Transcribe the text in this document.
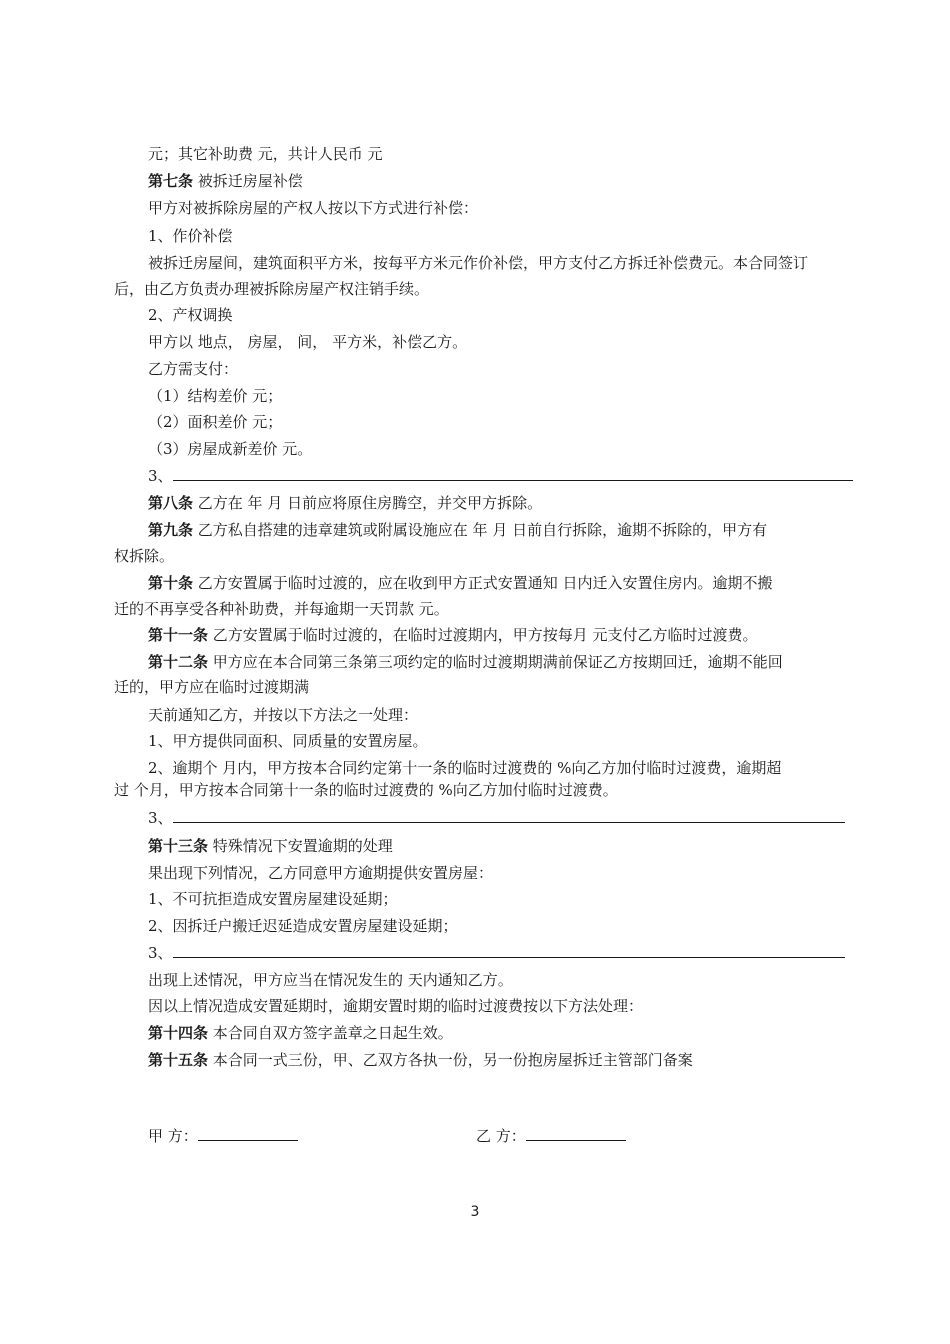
元；其它补助费 元，共计人民币 元
第七条 被拆迁房屋补偿
甲方对被拆除房屋的产权人按以下方式进行补偿：
1、作价补偿
被拆迁房屋间，建筑面积平方米，按每平方米元作价补偿，甲方支付乙方拆迁补偿费元。本合同签订
后，由乙方负责办理被拆除房屋产权注销手续。
2、产权调换
甲方以 地点， 房屋， 间， 平方米，补偿乙方。
乙方需支付：
（1）结构差价 元；
（2）面积差价 元；
（3）房屋成新差价 元。
3、
第八条 乙方在 年 月 日前应将原住房腾空，并交甲方拆除。
第九条 乙方私自搭建的违章建筑或附属设施应在 年 月 日前自行拆除，逾期不拆除的，甲方有
权拆除。
第十条 乙方安置属于临时过渡的，应在收到甲方正式安置通知 日内迁入安置住房内。逾期不搬
迁的不再享受各种补助费，并每逾期一天罚款 元。
第十一条 乙方安置属于临时过渡的，在临时过渡期内，甲方按每月 元支付乙方临时过渡费。
第十二条 甲方应在本合同第三条第三项约定的临时过渡期期满前保证乙方按期回迁，逾期不能回
迁的，甲方应在临时过渡期满
天前通知乙方，并按以下方法之一处理：
1、甲方提供同面积、同质量的安置房屋。
2、逾期个 月内，甲方按本合同约定第十一条的临时过渡费的 %向乙方加付临时过渡费，逾期超
过 个月，甲方按本合同第十一条的临时过渡费的 %向乙方加付临时过渡费。
3、
第十三条 特殊情况下安置逾期的处理
果出现下列情况，乙方同意甲方逾期提供安置房屋：
1、不可抗拒造成安置房屋建设延期；
2、因拆迁户搬迁迟延造成安置房屋建设延期；
3、
出现上述情况，甲方应当在情况发生的 天内通知乙方。
因以上情况造成安置延期时，逾期安置时期的临时过渡费按以下方法处理：
第十四条 本合同自双方签字盖章之日起生效。
第十五条 本合同一式三份，甲、乙双方各执一份，另一份抱房屋拆迁主管部门备案
甲 方：	乙 方：
3
